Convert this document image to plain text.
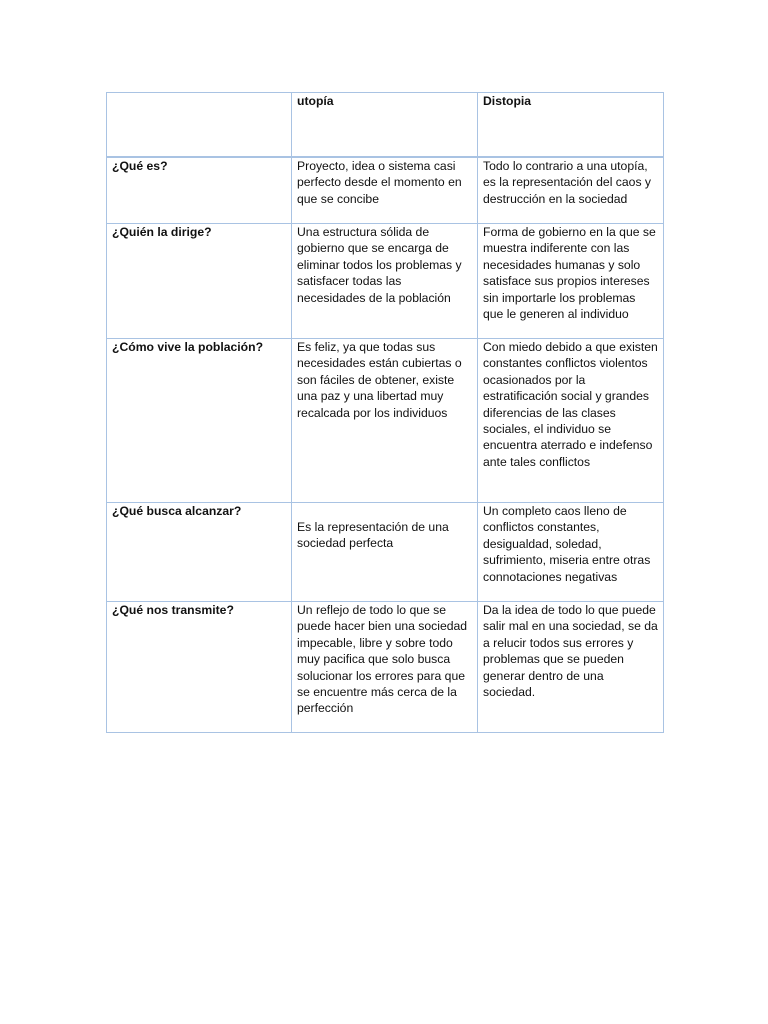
	utopía	Distopia
¿Qué es?	Proyecto, idea o sistema casi perfecto desde el momento en que se concibe	Todo lo contrario a una utopía, es la representación del caos y destrucción en la sociedad
¿Quién la dirige?	Una estructura sólida de gobierno que se encarga de eliminar todos los problemas y satisfacer todas las necesidades de la población	Forma de gobierno en la que se muestra indiferente con las necesidades humanas y solo satisface sus propios intereses sin importarle los problemas que le generen al individuo
¿Cómo vive la población?	Es feliz, ya que todas sus necesidades están cubiertas o son fáciles de obtener, existe una paz y una libertad muy recalcada por los individuos	Con miedo debido a que existen constantes conflictos violentos ocasionados por la estratificación social y grandes diferencias de las clases sociales, el individuo se encuentra aterrado e indefenso ante tales conflictos
¿Qué busca alcanzar?	Es la representación de una sociedad perfecta	Un completo caos lleno de conflictos constantes, desigualdad, soledad, sufrimiento, miseria entre otras connotaciones negativas
¿Qué nos transmite?	Un reflejo de todo lo que se puede hacer bien una sociedad impecable, libre y sobre todo muy pacifica que solo busca solucionar los errores para que se encuentre más cerca de la perfección	Da la idea de todo lo que puede salir mal en una sociedad, se da a relucir todos sus errores y problemas que se pueden generar dentro de una sociedad.
